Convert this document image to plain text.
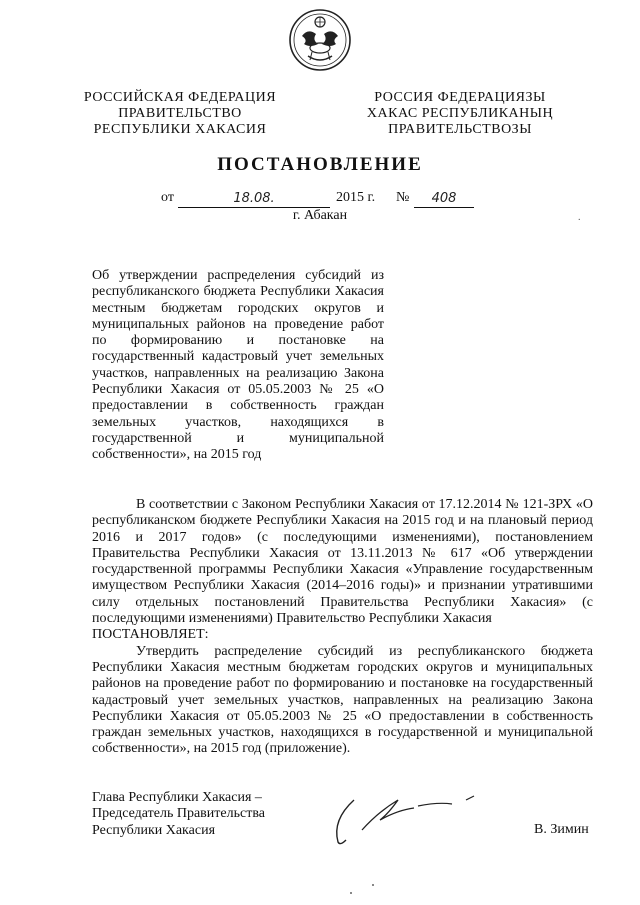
РОССИЙСКАЯ ФЕДЕРАЦИЯ
ПРАВИТЕЛЬСТВО
РЕСПУБЛИКИ ХАКАСИЯ
РОССИЯ ФЕДЕРАЦИЯЗЫ
ХАКАС РЕСПУБЛИКАНЫҢ
ПРАВИТЕЛЬСТВОЗЫ
ПОСТАНОВЛЕНИЕ
от	18.08.	2015 г. №	408
г. Абакан	.

Об утверждении распределения субсидий из республиканского бюджета Республики Хакасия местным бюджетам городских округов и муниципальных районов на проведение работ по формированию и постановке на государственный кадастровый учет земельных участков, направленных на реализацию Закона Республики Хакасия от 05.05.2003 № 25 «О предоставлении в собственность граждан земельных участков, находящихся в государственной и муниципальной собственности», на 2015 год

В соответствии с Законом Республики Хакасия от 17.12.2014 № 121-ЗРХ «О республиканском бюджете Республики Хакасия на 2015 год и на плановый период 2016 и 2017 годов» (с последующими изменениями), постановлением Правительства Республики Хакасия от 13.11.2013 № 617 «Об утверждении государственной программы Республики Хакасия «Управление государственным имуществом Республики Хакасия (2014–2016 годы)» и признании утратившими силу отдельных постановлений Правительства Республики Хакасия» (с последующими изменениями) Правительство Республики Хакасия

ПОСТАНОВЛЯЕТ:

Утвердить распределение субсидий из республиканского бюджета Республики Хакасия местным бюджетам городских округов и муниципальных районов на проведение работ по формированию и постановке на государственный кадастровый учет земельных участков, направленных на реализацию Закона Республики Хакасия от 05.05.2003 № 25 «О предоставлении в собственность граждан земельных участков, находящихся в государственной и муниципальной собственности», на 2015 год (приложение).

Глава Республики Хакасия –
Председатель Правительства
Республики Хакасия	В. Зимин
